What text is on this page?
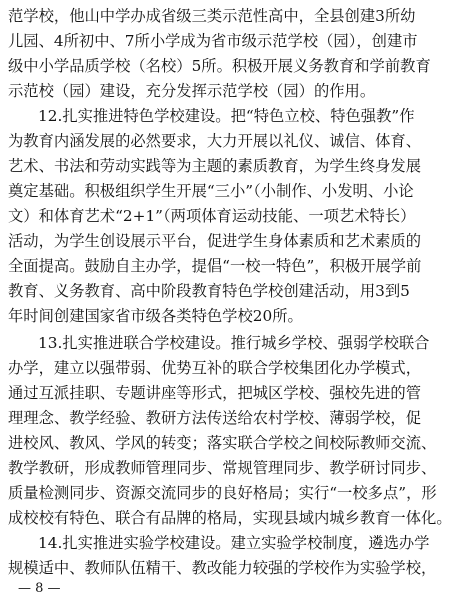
范学校，他山中学办成省级三类示范性高中，全县创建3所幼
儿园、4所初中、7所小学成为省市级示范学校（园），创建市
级中小学品质学校（名校）5所。积极开展义务教育和学前教育
示范校（园）建设，充分发挥示范学校（园）的作用。
12.扎实推进特色学校建设。把“特色立校、特色强教”作
为教育内涵发展的必然要求，大力开展以礼仪、诚信、体育、
艺术、书法和劳动实践等为主题的素质教育，为学生终身发展
奠定基础。积极组织学生开展“三小”（小制作、小发明、小论
文）和体育艺术“2+1”（两项体育运动技能、一项艺术特长）
活动，为学生创设展示平台，促进学生身体素质和艺术素质的
全面提高。鼓励自主办学，提倡“一校一特色”，积极开展学前
教育、义务教育、高中阶段教育特色学校创建活动，用3到5
年时间创建国家省市级各类特色学校20所。
13.扎实推进联合学校建设。推行城乡学校、强弱学校联合
办学，建立以强带弱、优势互补的联合学校集团化办学模式，
通过互派挂职、专题讲座等形式，把城区学校、强校先进的管
理理念、教学经验、教研方法传送给农村学校、薄弱学校，促
进校风、教风、学风的转变；落实联合学校之间校际教师交流、
教学教研，形成教师管理同步、常规管理同步、教学研讨同步、
质量检测同步、资源交流同步的良好格局；实行“一校多点”，形
成校校有特色、联合有品牌的格局，实现县域内城乡教育一体化。
14.扎实推进实验学校建设。建立实验学校制度，遴选办学
规模适中、教师队伍精干、教改能力较强的学校作为实验学校，
— 8 —
